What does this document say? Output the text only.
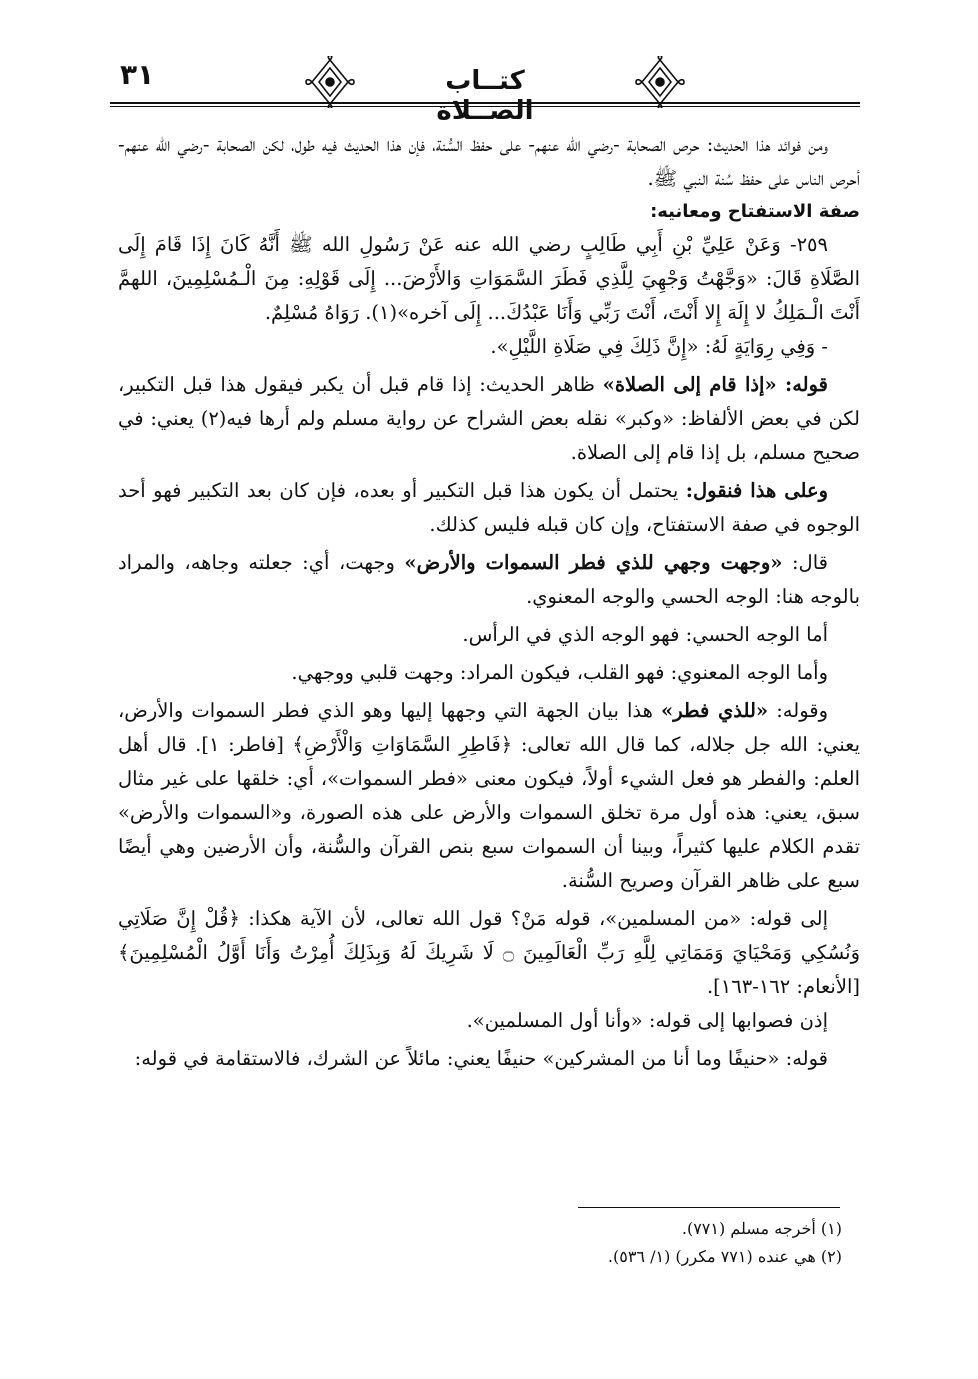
٣١	كتــاب الصــلاة

ومن فوائد هذا الحديث: حرص الصحابة -رضي الله عنهم- على حفظ السُّنة، فإن هذا الحديث فيه طول، لكن الصحابة -رضي الله عنهم- أحرص الناس على حفظ سُنة النبي ﷺ.

صفة الاستفتاح ومعانيه:

٢٥٩- وَعَنْ عَلِيِّ بْنِ أَبِي طَالِبٍ رضي الله عنه عَنْ رَسُولِ الله ﷺ أَنَّهُ كَانَ إِذَا قَامَ إِلَى الصَّلَاةِ قَالَ: «وَجَّهْتُ وَجْهِيَ لِلَّذِي فَطَرَ السَّمَوَاتِ وَالأَرْضَ... إِلَى قَوْلِهِ: مِنَ الْـمُسْلِمِينَ، اللهمَّ أَنْتَ الْـمَلِكُ لا إِلَهَ إِلا أَنْتَ، أَنْتَ رَبِّي وَأَنَا عَبْدُكَ... إِلَى آخره»(١). رَوَاهُ مُسْلِمٌ.

- وَفِي رِوَايَةٍ لَهُ: «إِنَّ ذَلِكَ فِي صَلَاةِ اللَّيْلِ».

قوله: «إذا قام إلى الصلاة» ظاهر الحديث: إذا قام قبل أن يكبر فيقول هذا قبل التكبير، لكن في بعض الألفاظ: «وكبر» نقله بعض الشراح عن رواية مسلم ولم أرها فيه(٢) يعني: في صحيح مسلم، بل إذا قام إلى الصلاة.

وعلى هذا فنقول: يحتمل أن يكون هذا قبل التكبير أو بعده، فإن كان بعد التكبير فهو أحد الوجوه في صفة الاستفتاح، وإن كان قبله فليس كذلك.

قال: «وجهت وجهي للذي فطر السموات والأرض» وجهت، أي: جعلته وجاهه، والمراد بالوجه هنا: الوجه الحسي والوجه المعنوي.

أما الوجه الحسي: فهو الوجه الذي في الرأس.

وأما الوجه المعنوي: فهو القلب، فيكون المراد: وجهت قلبي ووجهي.

وقوله: «للذي فطر» هذا بيان الجهة التي وجهها إليها وهو الذي فطر السموات والأرض، يعني: الله جل جلاله، كما قال الله تعالى: ﴿فَاطِرِ السَّمَاوَاتِ وَالْأَرْضِ﴾ [فاطر: ١]. قال أهل العلم: والفطر هو فعل الشيء أولاً، فيكون معنى «فطر السموات»، أي: خلقها على غير مثال سبق، يعني: هذه أول مرة تخلق السموات والأرض على هذه الصورة، و«السموات والأرض» تقدم الكلام عليها كثيراً، وبينا أن السموات سبع بنص القرآن والسُّنة، وأن الأرضين وهي أيضًا سبع على ظاهر القرآن وصريح السُّنة.

إلى قوله: «من المسلمين»، قوله مَنْ؟ قول الله تعالى، لأن الآية هكذا: ﴿قُلْ إِنَّ صَلَاتِي وَنُسُكِي وَمَحْيَايَ وَمَمَاتِي لِلَّهِ رَبِّ الْعَالَمِينَ ۝ لَا شَرِيكَ لَهُ وَبِذَلِكَ أُمِرْتُ وَأَنَا أَوَّلُ الْمُسْلِمِينَ﴾ [الأنعام: ١٦٢-١٦٣].

إذن فصوابها إلى قوله: «وأنا أول المسلمين».

قوله: «حنيفًا وما أنا من المشركين» حنيفًا يعني: مائلاً عن الشرك، فالاستقامة في قوله:

(١) أخرجه مسلم (٧٧١).
(٢) هي عنده (٧٧١ مكرر) (١/ ٥٣٦).
